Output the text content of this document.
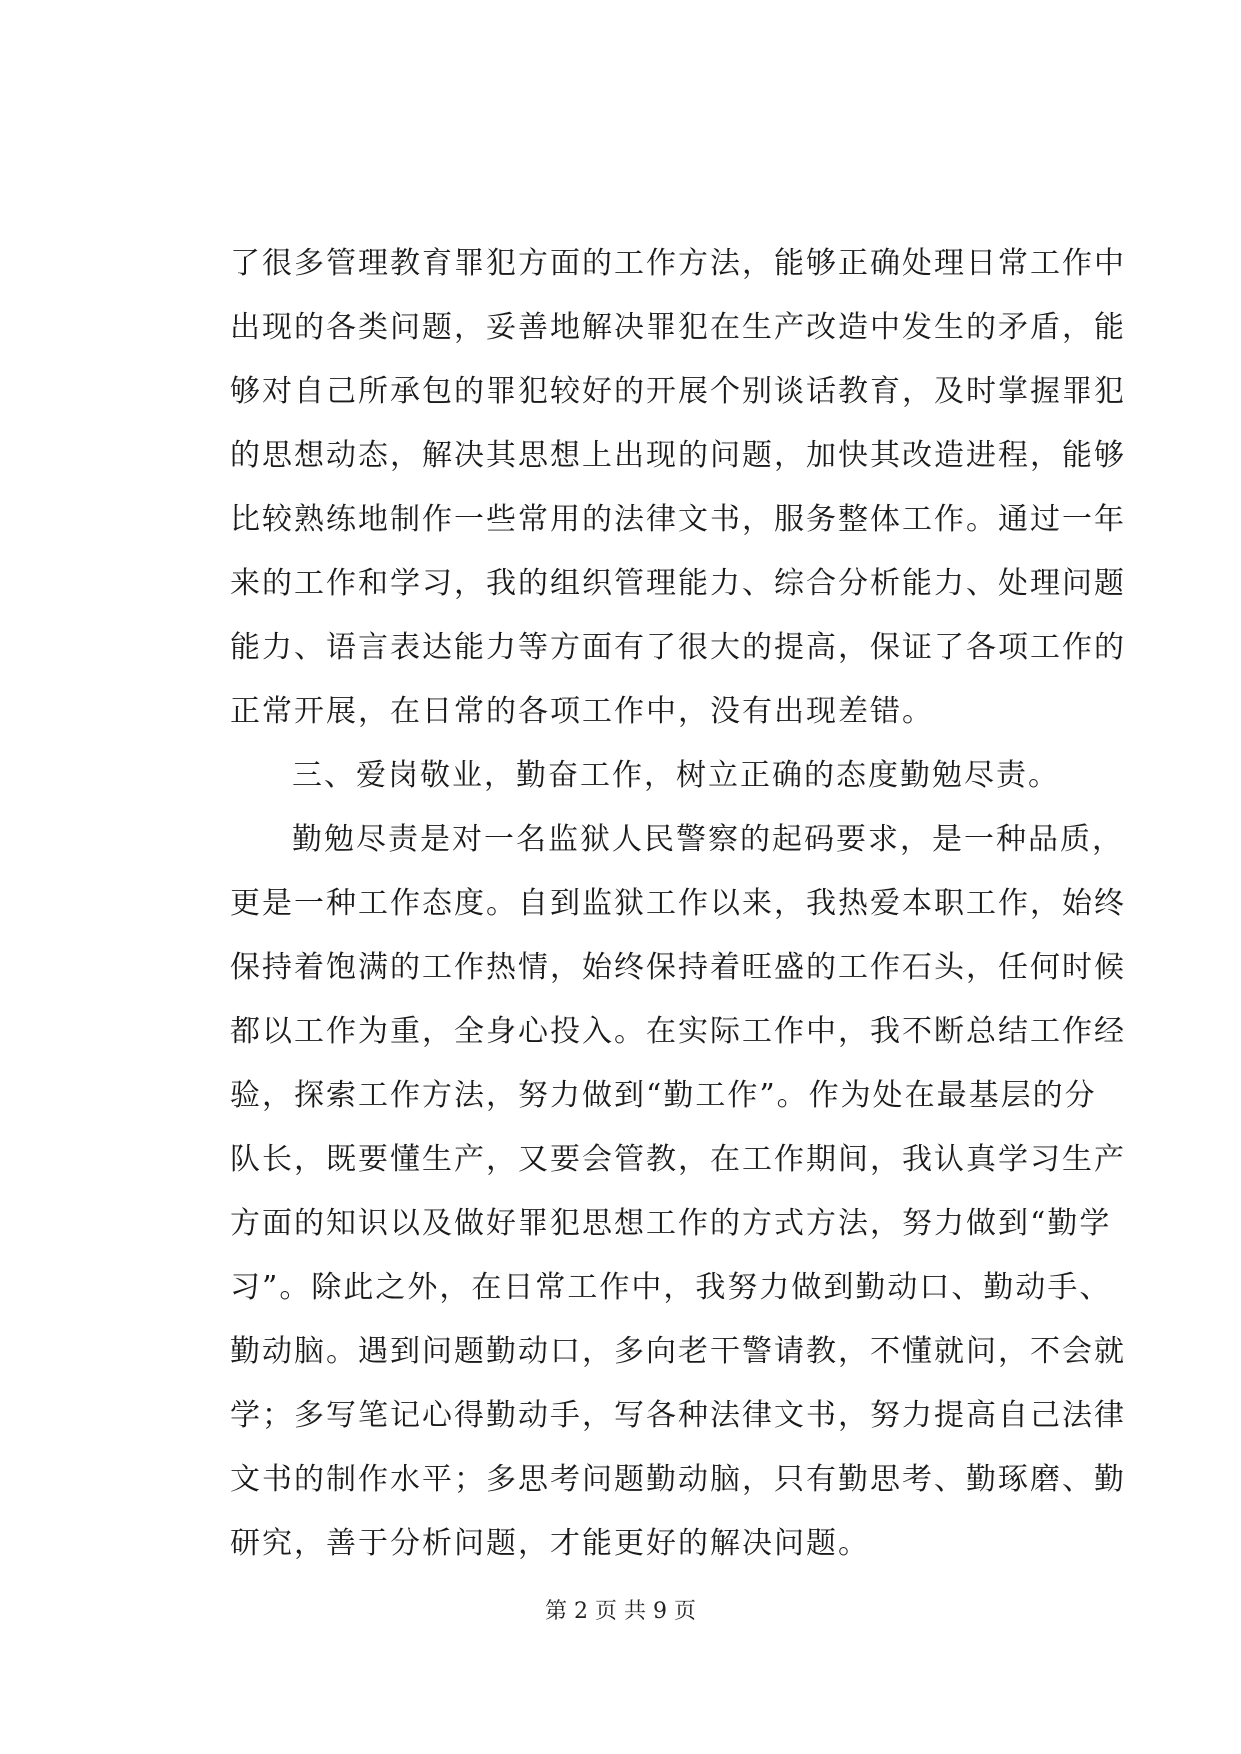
了很多管理教育罪犯方面的工作方法，能够正确处理日常工作中
出现的各类问题，妥善地解决罪犯在生产改造中发生的矛盾，能
够对自己所承包的罪犯较好的开展个别谈话教育，及时掌握罪犯
的思想动态，解决其思想上出现的问题，加快其改造进程，能够
比较熟练地制作一些常用的法律文书，服务整体工作。通过一年
来的工作和学习，我的组织管理能力、综合分析能力、处理问题
能力、语言表达能力等方面有了很大的提高，保证了各项工作的
正常开展，在日常的各项工作中，没有出现差错。
三、爱岗敬业，勤奋工作，树立正确的态度勤勉尽责。
勤勉尽责是对一名监狱人民警察的起码要求，是一种品质，
更是一种工作态度。自到监狱工作以来，我热爱本职工作，始终
保持着饱满的工作热情，始终保持着旺盛的工作石头，任何时候
都以工作为重，全身心投入。在实际工作中，我不断总结工作经
验，探索工作方法，努力做到“勤工作”。作为处在最基层的分
队长，既要懂生产，又要会管教，在工作期间，我认真学习生产
方面的知识以及做好罪犯思想工作的方式方法，努力做到“勤学
习”。除此之外，在日常工作中，我努力做到勤动口、勤动手、
勤动脑。遇到问题勤动口，多向老干警请教，不懂就问，不会就
学；多写笔记心得勤动手，写各种法律文书，努力提高自己法律
文书的制作水平；多思考问题勤动脑，只有勤思考、勤琢磨、勤
研究，善于分析问题，才能更好的解决问题。
第 2 页 共 9 页
